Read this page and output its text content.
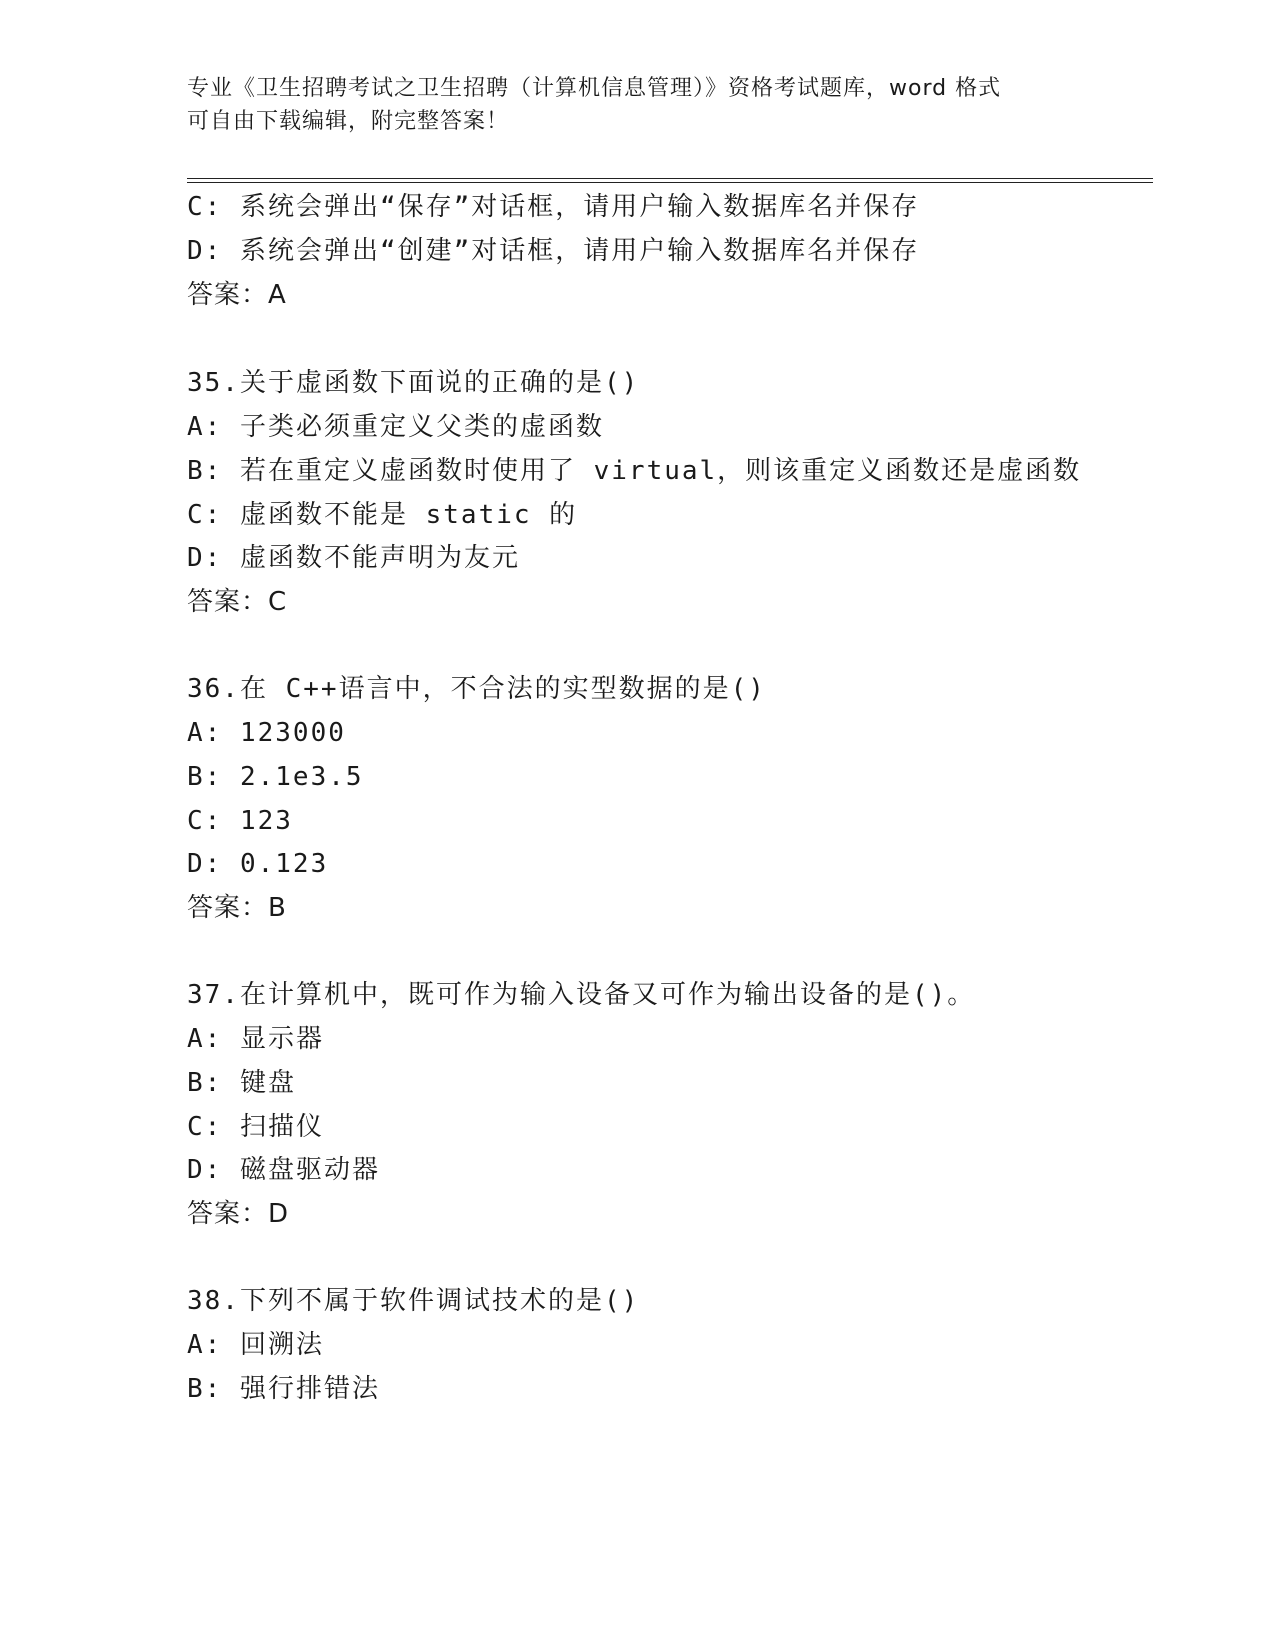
专业《卫生招聘考试之卫生招聘（计算机信息管理）》资格考试题库，word 格式
可自由下载编辑，附完整答案！
C: 系统会弹出“保存”对话框，请用户输入数据库名并保存
D: 系统会弹出“创建”对话框，请用户输入数据库名并保存
答案：A
35.关于虚函数下面说的正确的是()
A: 子类必须重定义父类的虚函数
B: 若在重定义虚函数时使用了 virtual，则该重定义函数还是虚函数
C: 虚函数不能是 static 的
D: 虚函数不能声明为友元
答案：C
36.在 C++语言中，不合法的实型数据的是()
A: 123000
B: 2.1e3.5
C: 123
D: 0.123
答案：B
37.在计算机中，既可作为输入设备又可作为输出设备的是()。
A: 显示器
B: 键盘
C: 扫描仪
D: 磁盘驱动器
答案：D
38.下列不属于软件调试技术的是()
A: 回溯法
B: 强行排错法
